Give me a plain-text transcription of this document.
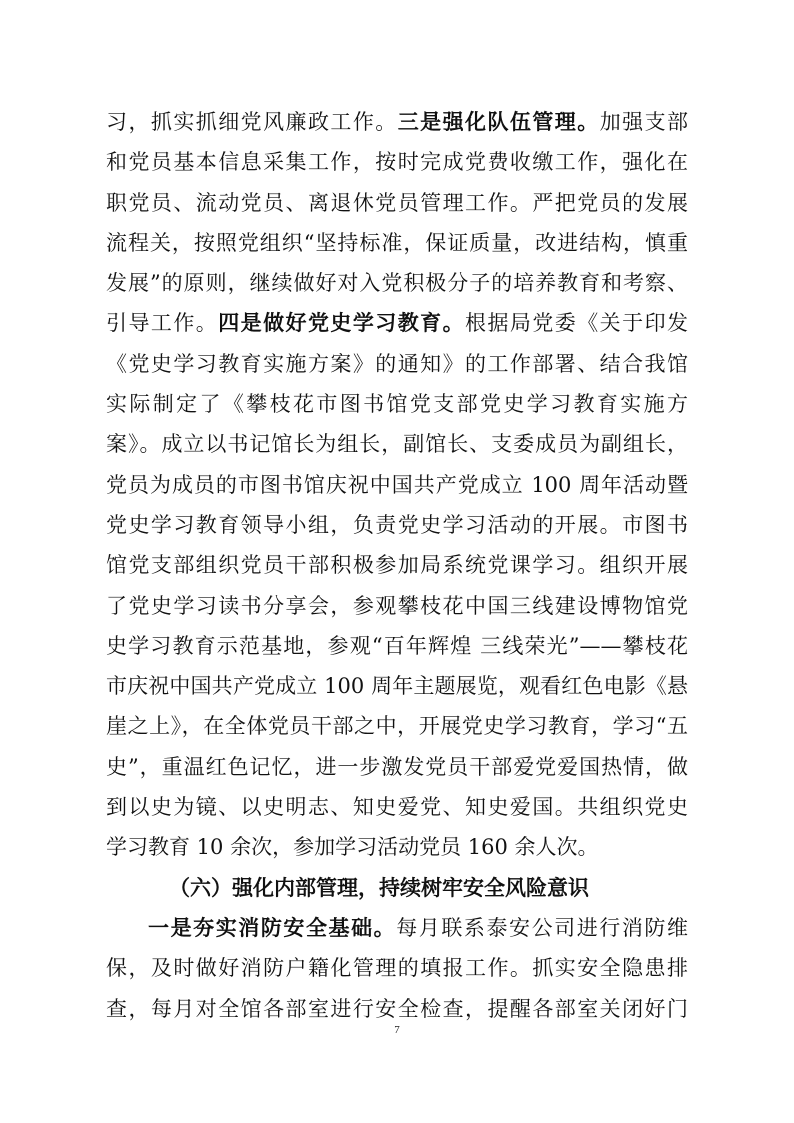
习，抓实抓细党风廉政工作。三是强化队伍管理。加强支部
和党员基本信息采集工作，按时完成党费收缴工作，强化在
职党员、流动党员、离退休党员管理工作。严把党员的发展
流程关，按照党组织“坚持标准，保证质量，改进结构，慎重
发展”的原则，继续做好对入党积极分子的培养教育和考察、
引导工作。四是做好党史学习教育。根据局党委《关于印发
《党史学习教育实施方案》的通知》的工作部署、结合我馆
实际制定了《攀枝花市图书馆党支部党史学习教育实施方
案》。成立以书记馆长为组长，副馆长、支委成员为副组长，
党员为成员的市图书馆庆祝中国共产党成立 100 周年活动暨
党史学习教育领导小组，负责党史学习活动的开展。市图书
馆党支部组织党员干部积极参加局系统党课学习。组织开展
了党史学习读书分享会，参观攀枝花中国三线建设博物馆党
史学习教育示范基地，参观“百年辉煌 三线荣光”——攀枝花
市庆祝中国共产党成立 100 周年主题展览，观看红色电影《悬
崖之上》，在全体党员干部之中，开展党史学习教育，学习“五
史”，重温红色记忆，进一步激发党员干部爱党爱国热情，做
到以史为镜、以史明志、知史爱党、知史爱国。共组织党史
学习教育 10 余次，参加学习活动党员 160 余人次。
（六）强化内部管理，持续树牢安全风险意识
一是夯实消防安全基础。每月联系泰安公司进行消防维
保，及时做好消防户籍化管理的填报工作。抓实安全隐患排
查，每月对全馆各部室进行安全检查，提醒各部室关闭好门
7
